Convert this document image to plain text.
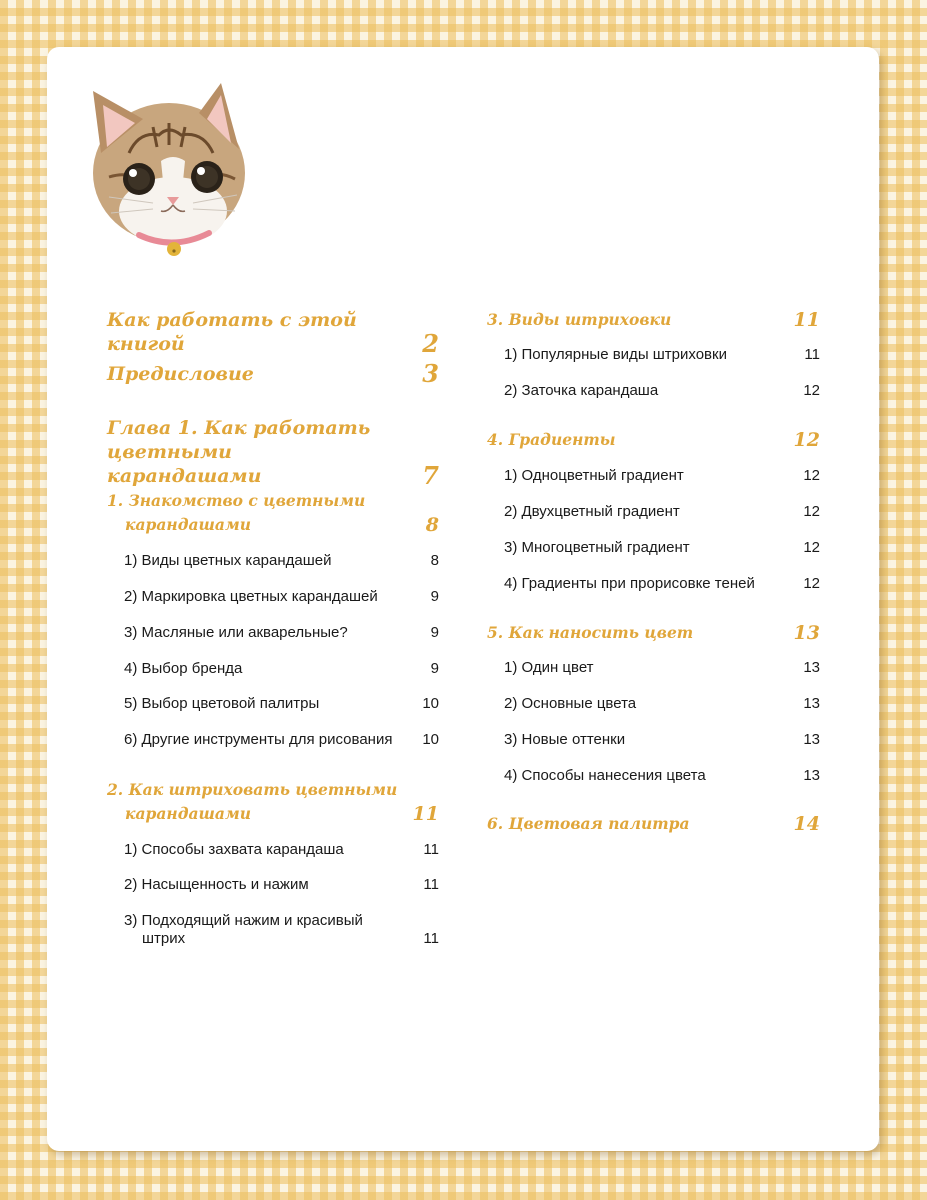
Как работать с этой книгой	2
Предисловие	3
Глава 1. Как работать цветными
карандашами	7
1. Знакомство с цветными
карандашами	8
1) Виды цветных карандашей	8
2) Маркировка цветных карандашей	9
3) Масляные или акварельные?	9
4) Выбор бренда	9
5) Выбор цветовой палитры	10
6) Другие инструменты для рисования	10
2. Как штриховать цветными
карандашами	11
1) Способы захвата карандаша	11
2) Насыщенность и нажим	11
3) Подходящий нажим и красивый
штрих	11
3. Виды штриховки	11
1) Популярные виды штриховки	11
2) Заточка карандаша	12
4. Градиенты	12
1) Одноцветный градиент	12
2) Двухцветный градиент	12
3) Многоцветный градиент	12
4) Градиенты при прорисовке теней	12
5. Как наносить цвет	13
1) Один цвет	13
2) Основные цвета	13
3) Новые оттенки	13
4) Способы нанесения цвета	13
6. Цветовая палитра	14
